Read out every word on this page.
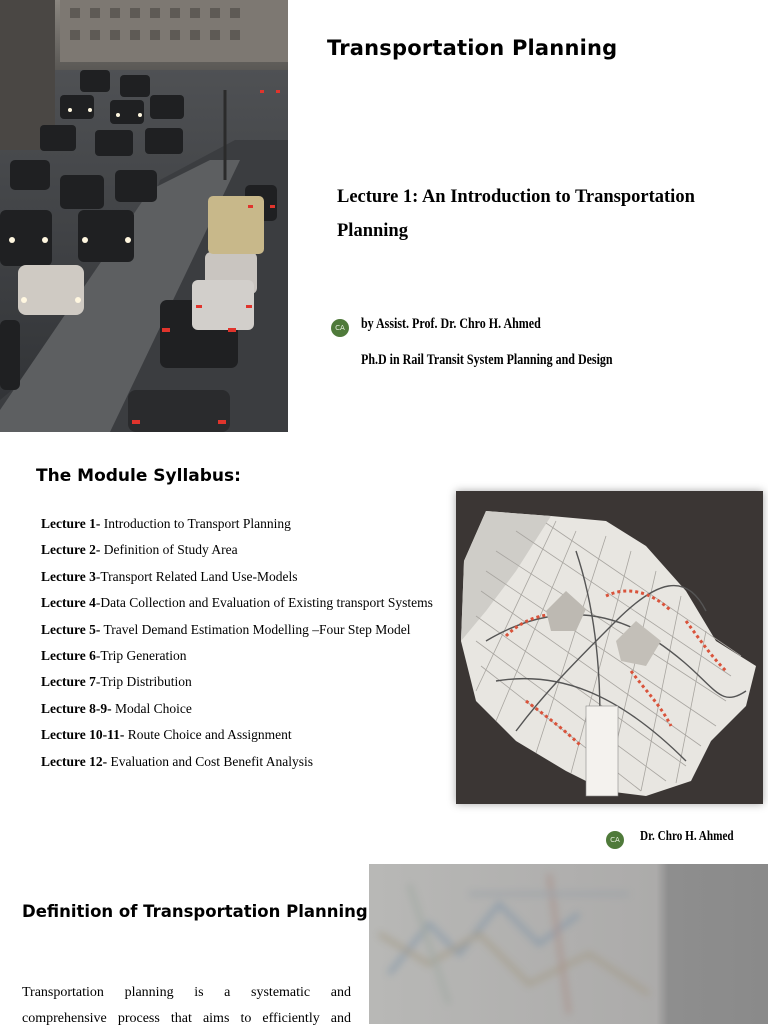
Transportation Planning
Lecture 1: An Introduction to Transportation Planning
CA by Assist. Prof. Dr. Chro H. Ahmed
Ph.D in Rail Transit System Planning and Design
The Module Syllabus:
Lecture 1- Introduction to Transport Planning
Lecture 2- Definition of Study Area
Lecture 3-Transport Related Land Use-Models
Lecture 4-Data Collection and Evaluation of Existing transport Systems
Lecture 5- Travel Demand Estimation Modelling –Four Step Model
Lecture 6-Trip Generation
Lecture 7-Trip Distribution
Lecture 8-9- Modal Choice
Lecture 10-11- Route Choice and Assignment
Lecture 12- Evaluation and Cost Benefit Analysis
CA Dr. Chro H. Ahmed
Definition of Transportation Planning
Transportation planning is a systematic and comprehensive process that aims to efficiently and
